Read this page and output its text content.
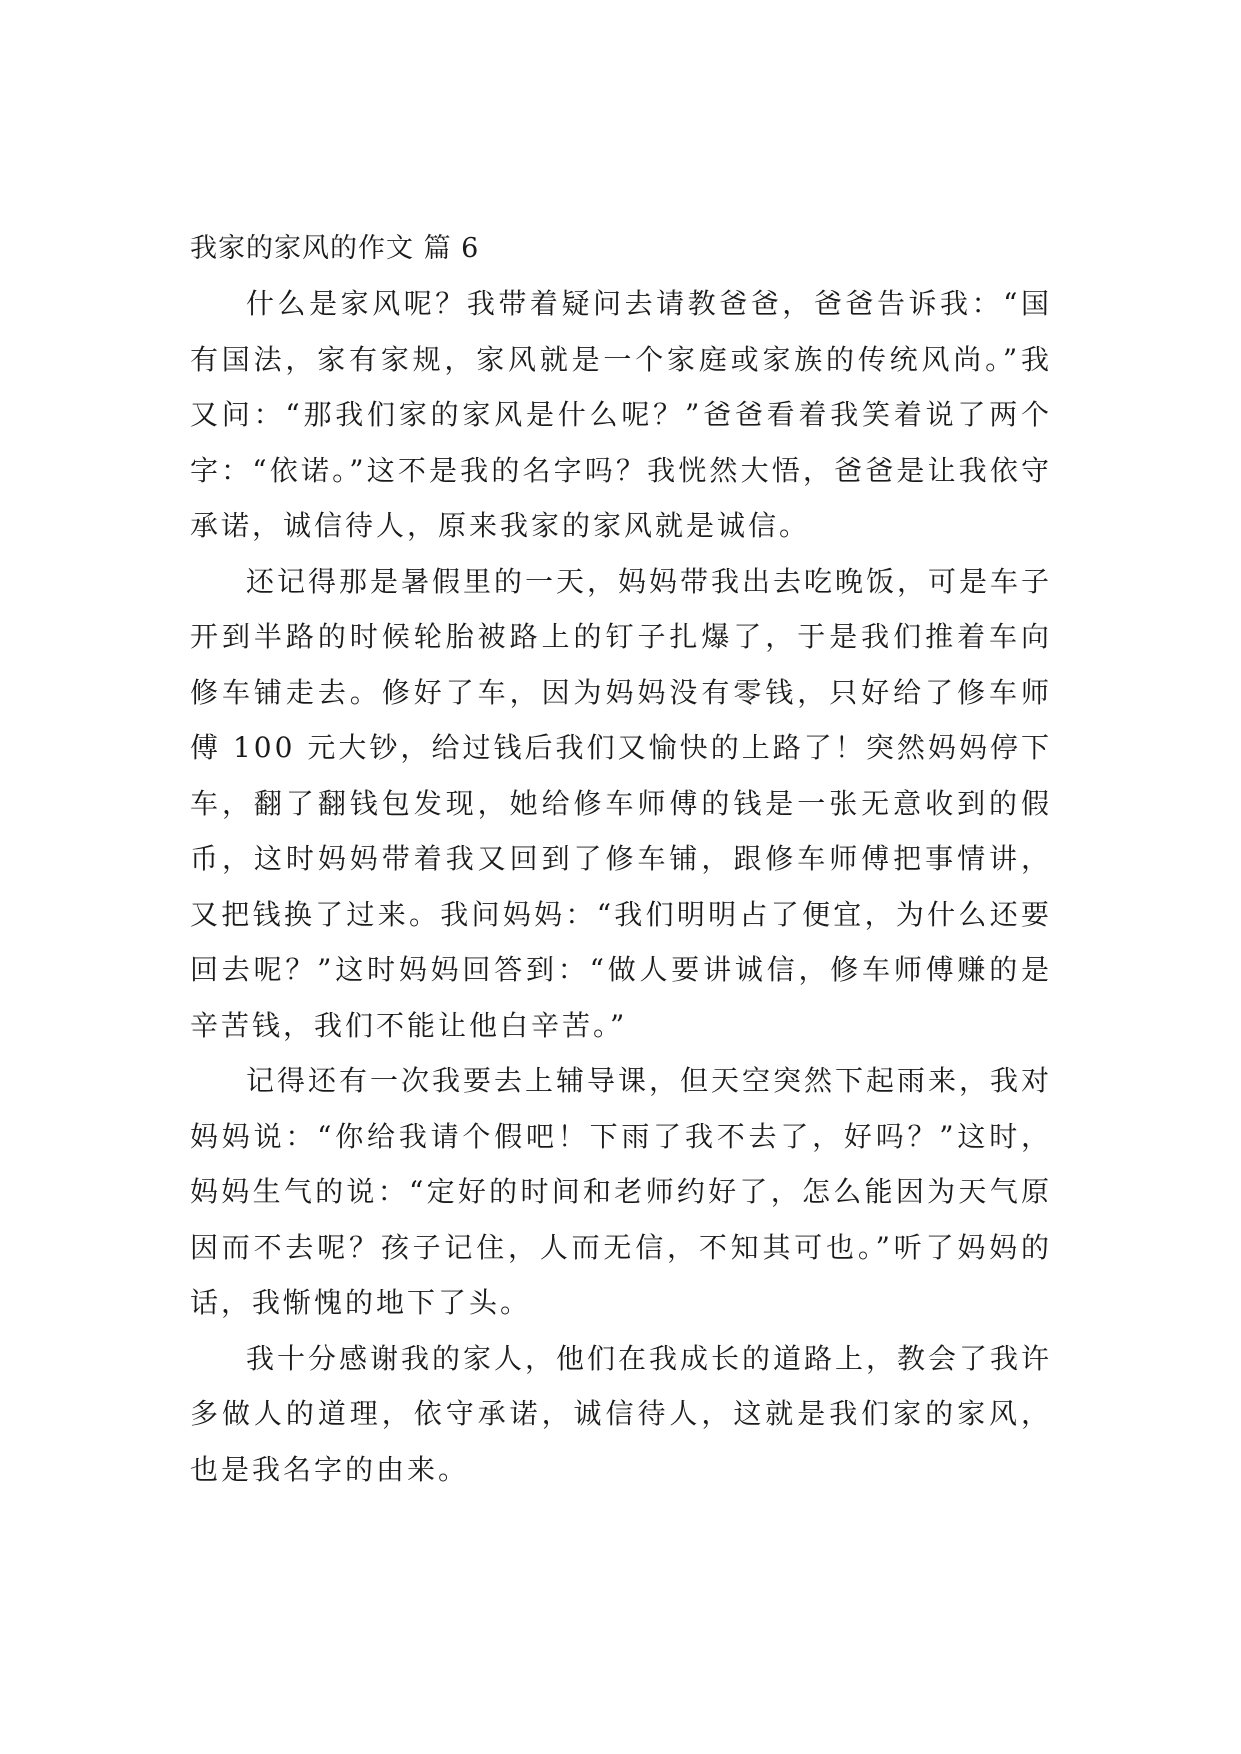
我家的家风的作文 篇 6

什么是家风呢？我带着疑问去请教爸爸，爸爸告诉我：“国有国法，家有家规，家风就是一个家庭或家族的传统风尚。”我又问：“那我们家的家风是什么呢？”爸爸看着我笑着说了两个字：“依诺。”这不是我的名字吗？我恍然大悟，爸爸是让我依守承诺，诚信待人，原来我家的家风就是诚信。

还记得那是暑假里的一天，妈妈带我出去吃晚饭，可是车子开到半路的时候轮胎被路上的钉子扎爆了，于是我们推着车向修车铺走去。修好了车，因为妈妈没有零钱，只好给了修车师傅 100 元大钞，给过钱后我们又愉快的上路了！突然妈妈停下车，翻了翻钱包发现，她给修车师傅的钱是一张无意收到的假币，这时妈妈带着我又回到了修车铺，跟修车师傅把事情讲，又把钱换了过来。我问妈妈：“我们明明占了便宜，为什么还要回去呢？”这时妈妈回答到：“做人要讲诚信，修车师傅赚的是辛苦钱，我们不能让他白辛苦。”

记得还有一次我要去上辅导课，但天空突然下起雨来，我对妈妈说：“你给我请个假吧！下雨了我不去了，好吗？”这时，妈妈生气的说：“定好的时间和老师约好了，怎么能因为天气原因而不去呢？孩子记住，人而无信，不知其可也。”听了妈妈的话，我惭愧的地下了头。

我十分感谢我的家人，他们在我成长的道路上，教会了我许多做人的道理，依守承诺，诚信待人，这就是我们家的家风，也是我名字的由来。
